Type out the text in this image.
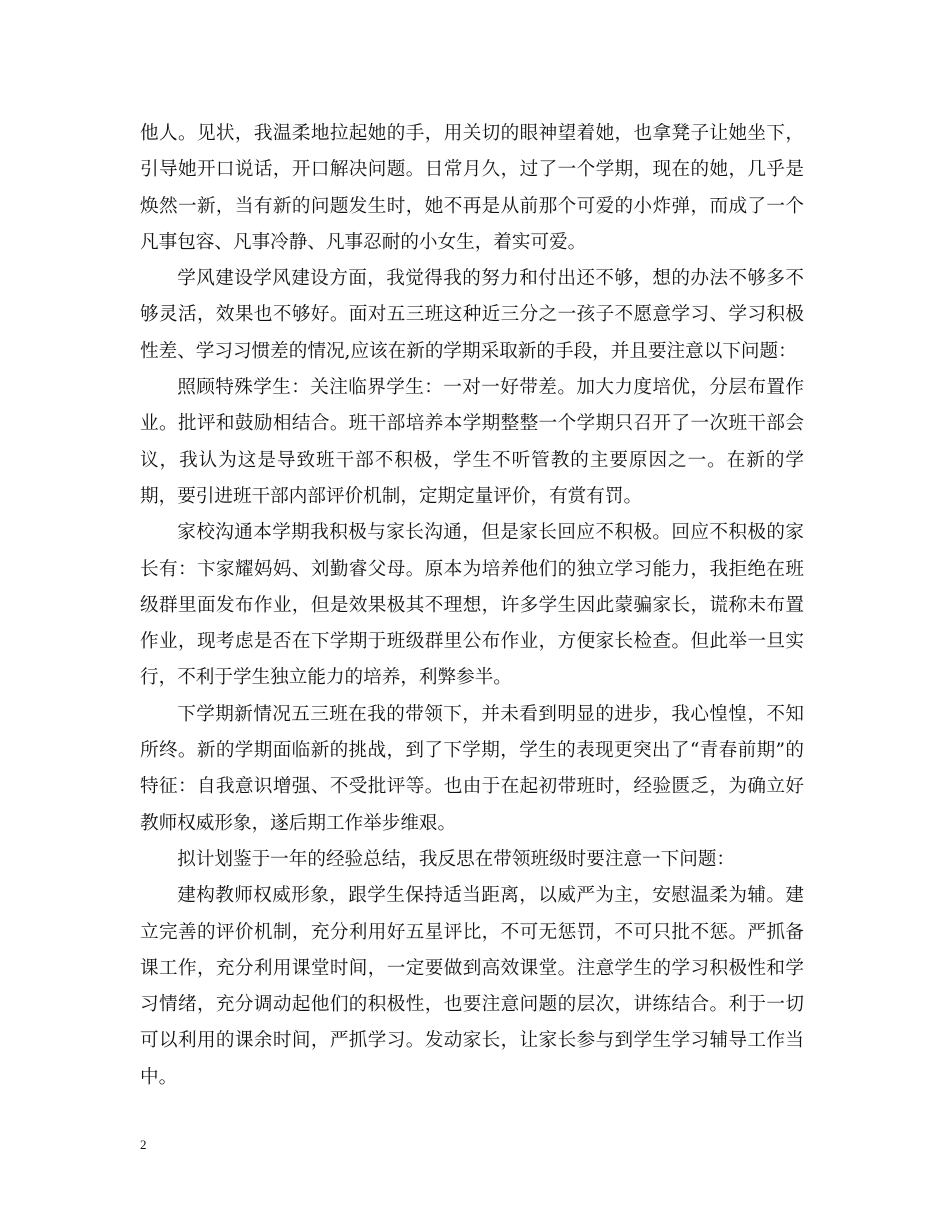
他人。见状，我温柔地拉起她的手，用关切的眼神望着她，也拿凳子让她坐下，引导她开口说话，开口解决问题。日常月久，过了一个学期，现在的她，几乎是焕然一新，当有新的问题发生时，她不再是从前那个可爱的小炸弹，而成了一个凡事包容、凡事冷静、凡事忍耐的小女生，着实可爱。

学风建设学风建设方面，我觉得我的努力和付出还不够，想的办法不够多不够灵活，效果也不够好。面对五三班这种近三分之一孩子不愿意学习、学习积极性差、学习习惯差的情况,应该在新的学期采取新的手段，并且要注意以下问题：

照顾特殊学生：关注临界学生：一对一好带差。加大力度培优，分层布置作业。批评和鼓励相结合。班干部培养本学期整整一个学期只召开了一次班干部会议，我认为这是导致班干部不积极，学生不听管教的主要原因之一。在新的学期，要引进班干部内部评价机制，定期定量评价，有赏有罚。

家校沟通本学期我积极与家长沟通，但是家长回应不积极。回应不积极的家长有：卞家耀妈妈、刘勤睿父母。原本为培养他们的独立学习能力，我拒绝在班级群里面发布作业，但是效果极其不理想，许多学生因此蒙骗家长，谎称未布置作业，现考虑是否在下学期于班级群里公布作业，方便家长检查。但此举一旦实行，不利于学生独立能力的培养，利弊参半。

下学期新情况五三班在我的带领下，并未看到明显的进步，我心惶惶，不知所终。新的学期面临新的挑战，到了下学期，学生的表现更突出了“青春前期”的特征：自我意识增强、不受批评等。也由于在起初带班时，经验匮乏，为确立好教师权威形象，遂后期工作举步维艰。

拟计划鉴于一年的经验总结，我反思在带领班级时要注意一下问题：

建构教师权威形象，跟学生保持适当距离，以威严为主，安慰温柔为辅。建立完善的评价机制，充分利用好五星评比，不可无惩罚，不可只批不惩。严抓备课工作，充分利用课堂时间，一定要做到高效课堂。注意学生的学习积极性和学习情绪，充分调动起他们的积极性，也要注意问题的层次，讲练结合。利于一切可以利用的课余时间，严抓学习。发动家长，让家长参与到学生学习辅导工作当中。

2
